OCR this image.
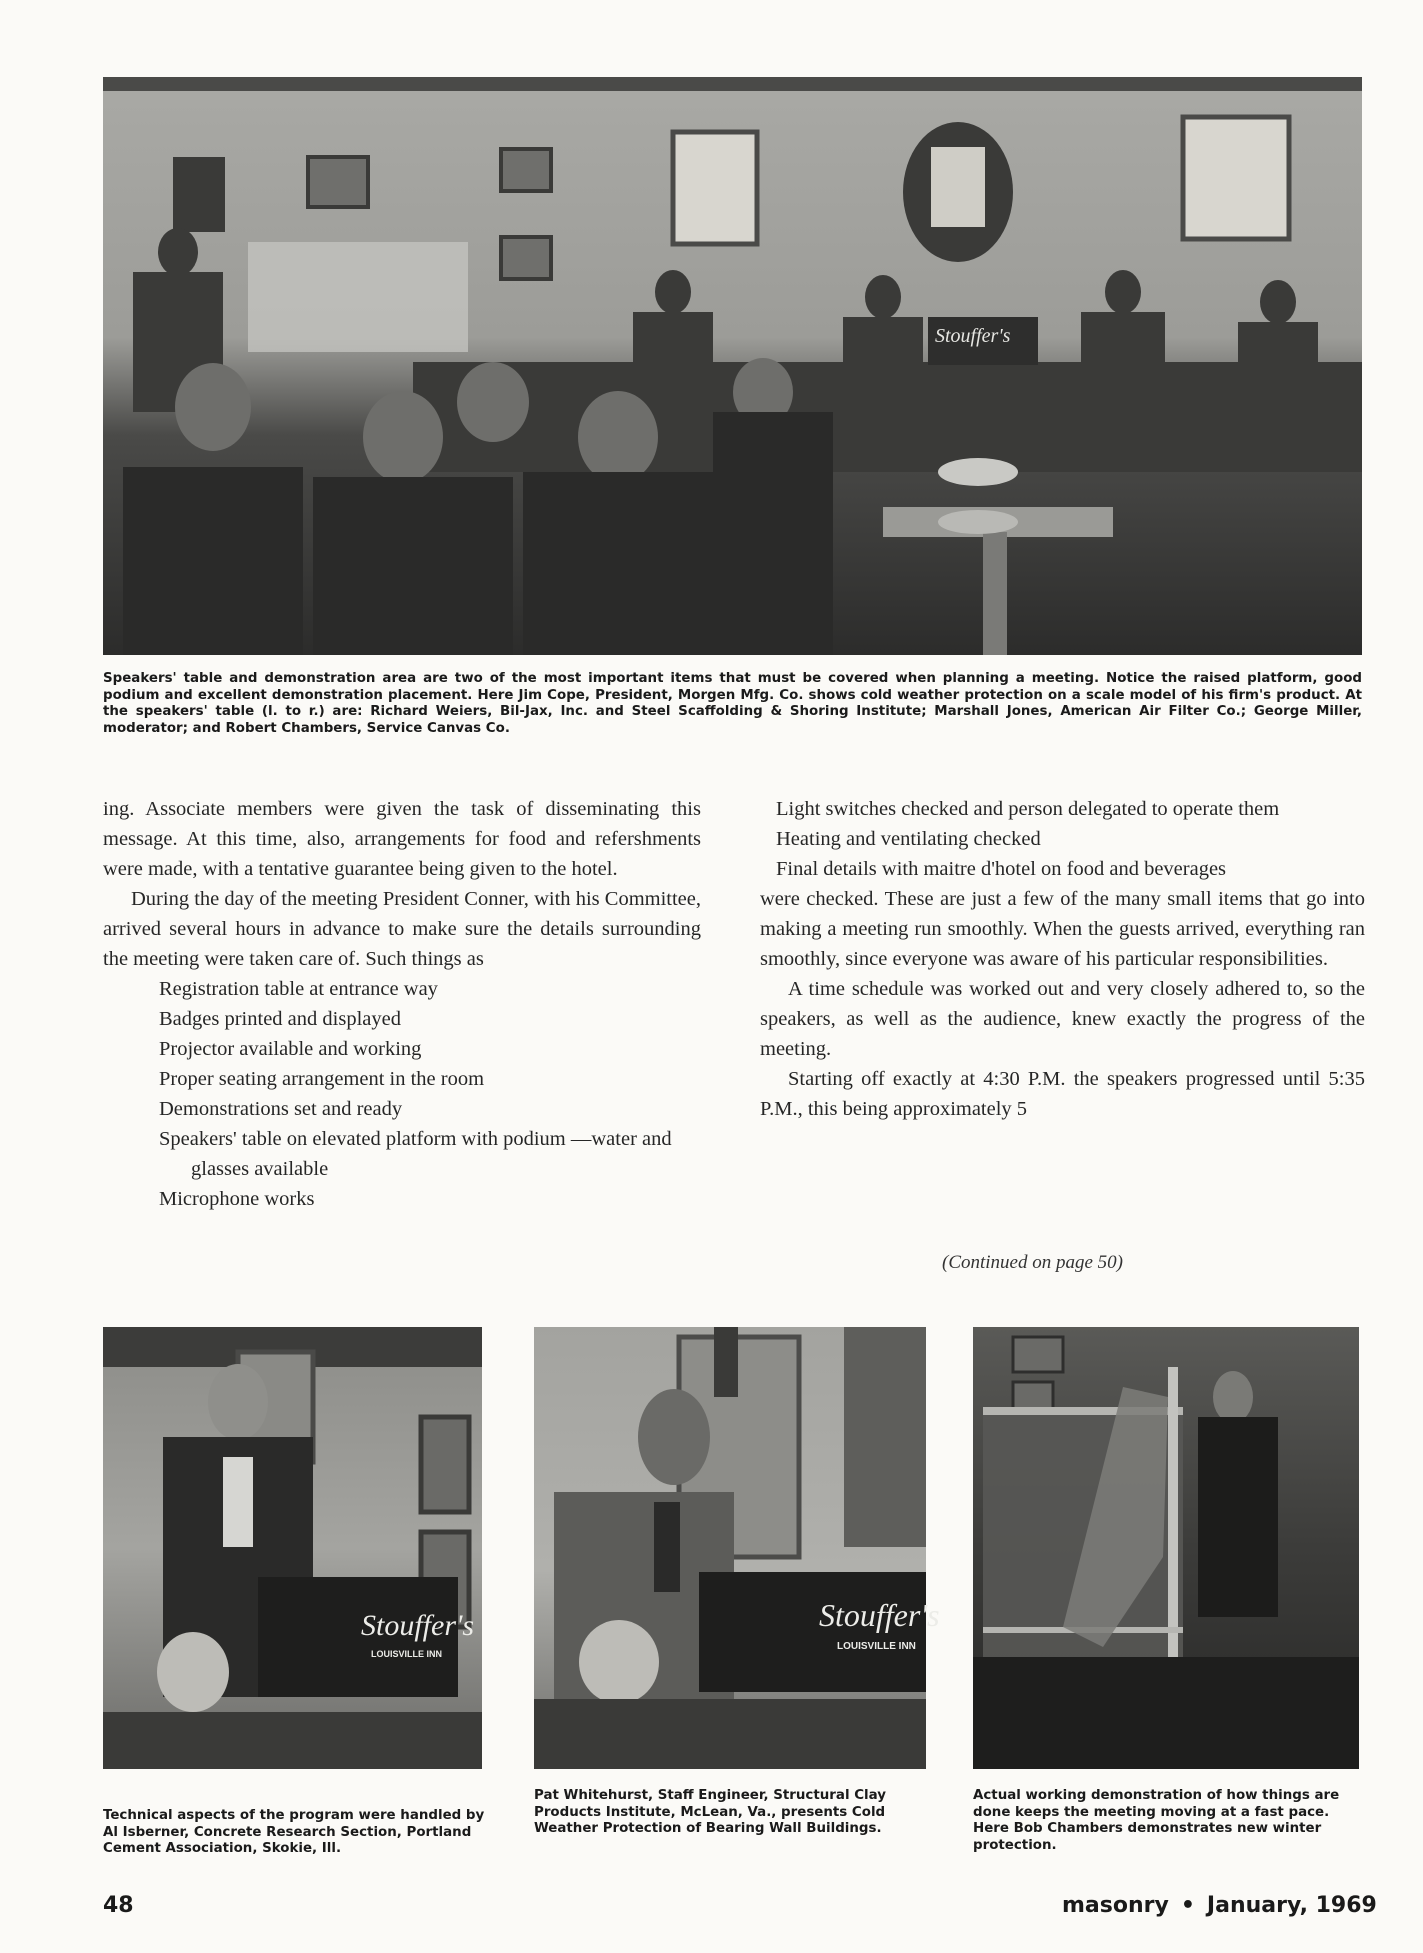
Stouffer's

Speakers' table and demonstration area are two of the most important items that must be covered when planning a meeting. Notice the raised platform, good podium and excellent demonstration placement. Here Jim Cope, President, Morgen Mfg. Co. shows cold weather protection on a scale model of his firm's product. At the speakers' table (l. to r.) are: Richard Weiers, Bil-Jax, Inc. and Steel Scaffolding & Shoring Institute; Marshall Jones, American Air Filter Co.; George Miller, moderator; and Robert Chambers, Service Canvas Co.

ing. Associate members were given the task of disseminating this message. At this time, also, arrangements for food and refershments were made, with a tentative guarantee being given to the hotel.

During the day of the meeting President Conner, with his Committee, arrived several hours in advance to make sure the details surrounding the meeting were taken care of. Such things as

Registration table at entrance way
Badges printed and displayed
Projector available and working
Proper seating arrangement in the room
Demonstrations set and ready
Speakers' table on elevated platform with podium —water and glasses available
Microphone works
Light switches checked and person delegated to operate them
Heating and ventilating checked
Final details with maitre d'hotel on food and beverages

were checked. These are just a few of the many small items that go into making a meeting run smoothly. When the guests arrived, everything ran smoothly, since everyone was aware of his particular responsibilities.

A time schedule was worked out and very closely adhered to, so the speakers, as well as the audience, knew exactly the progress of the meeting.

Starting off exactly at 4:30 P.M. the speakers progressed until 5:35 P.M., this being approximately 5

(Continued on page 50)
Stouffer's
LOUISVILLE INN

Technical aspects of the program were handled by Al Isberner, Concrete Research Section, Portland Cement Association, Skokie, Ill.

Stouffer's
LOUISVILLE INN

Pat Whitehurst, Staff Engineer, Structural Clay Products Institute, McLean, Va., presents Cold Weather Protection of Bearing Wall Buildings.

Actual working demonstration of how things are done keeps the meeting moving at a fast pace. Here Bob Chambers demonstrates new winter protection.

48	masonry • January, 1969
